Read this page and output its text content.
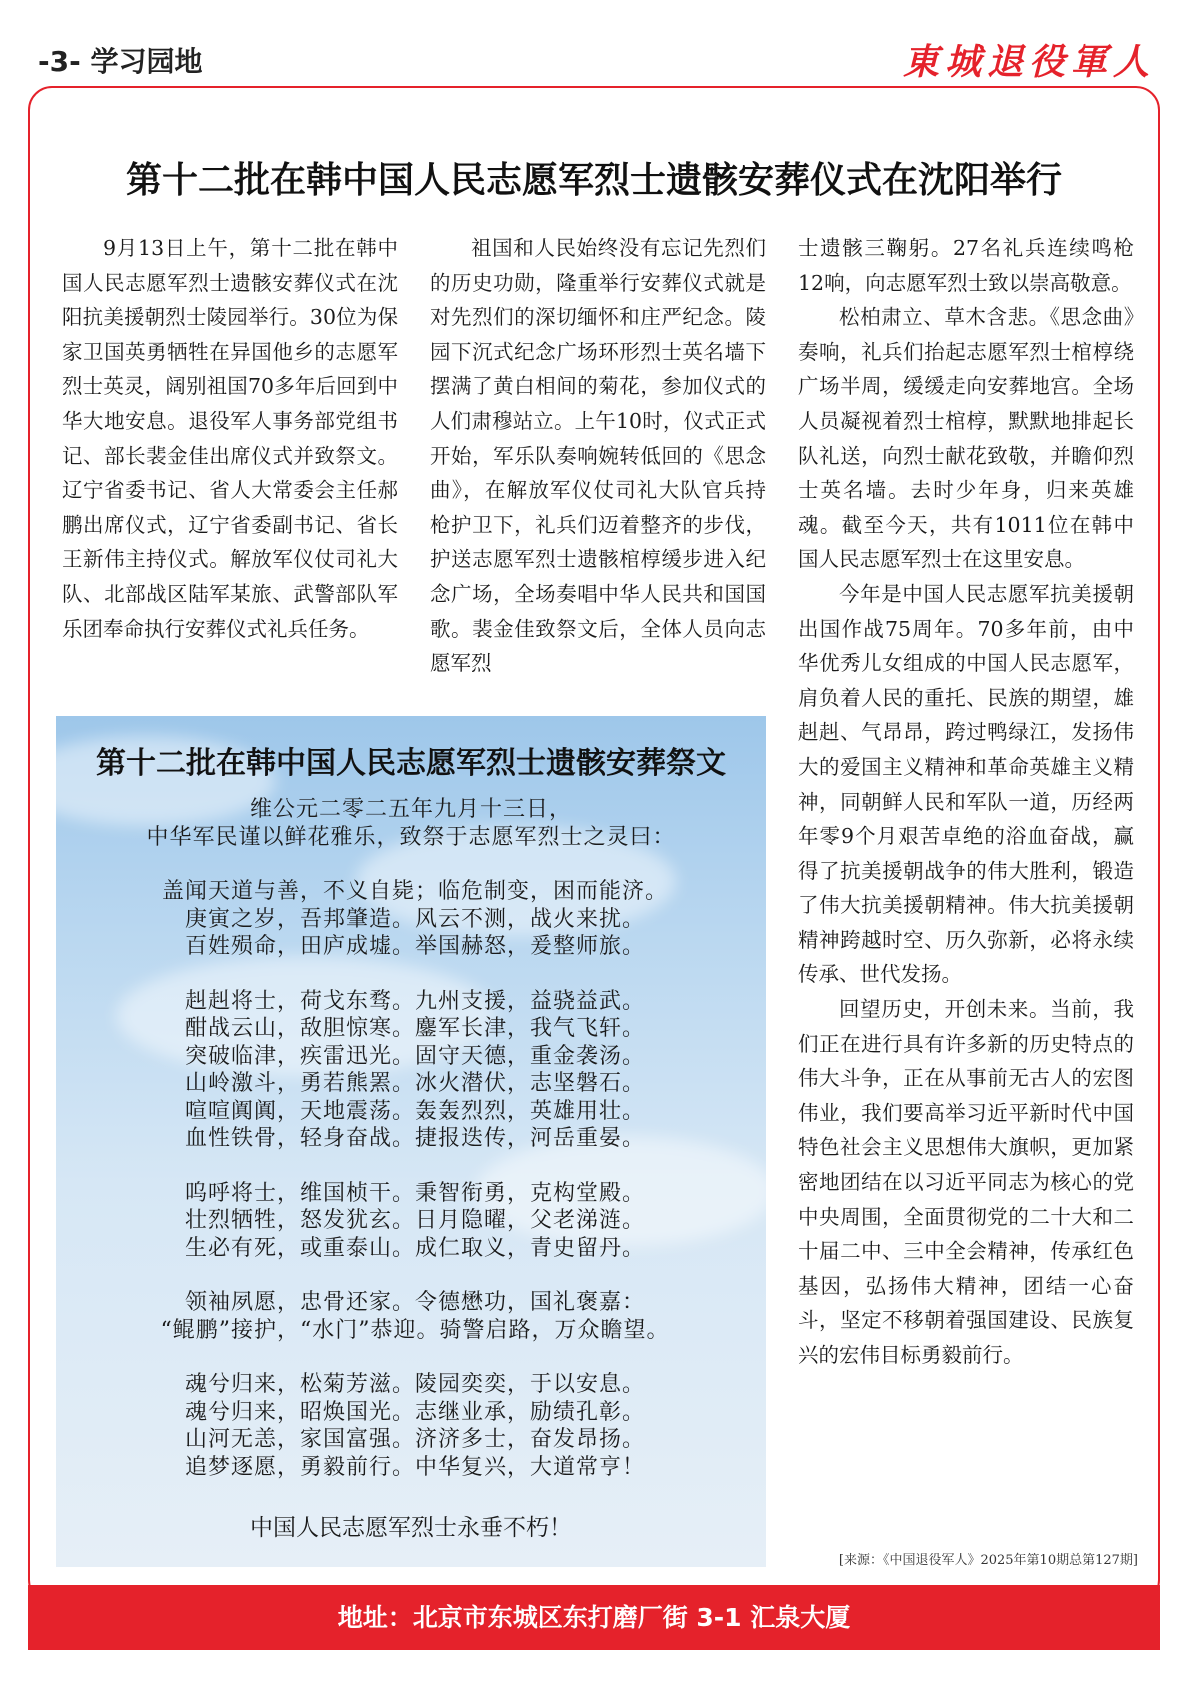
-3- 学习园地	東城退役軍人
第十二批在韩中国人民志愿军烈士遗骸安葬仪式在沈阳举行

9月13日上午，第十二批在韩中国人民志愿军烈士遗骸安葬仪式在沈阳抗美援朝烈士陵园举行。30位为保家卫国英勇牺牲在异国他乡的志愿军烈士英灵，阔别祖国70多年后回到中华大地安息。退役军人事务部党组书记、部长裴金佳出席仪式并致祭文。辽宁省委书记、省人大常委会主任郝鹏出席仪式，辽宁省委副书记、省长王新伟主持仪式。解放军仪仗司礼大队、北部战区陆军某旅、武警部队军乐团奉命执行安葬仪式礼兵任务。

祖国和人民始终没有忘记先烈们的历史功勋，隆重举行安葬仪式就是对先烈们的深切缅怀和庄严纪念。陵园下沉式纪念广场环形烈士英名墙下摆满了黄白相间的菊花，参加仪式的人们肃穆站立。上午10时，仪式正式开始，军乐队奏响婉转低回的《思念曲》，在解放军仪仗司礼大队官兵持枪护卫下，礼兵们迈着整齐的步伐，护送志愿军烈士遗骸棺椁缓步进入纪念广场，全场奏唱中华人民共和国国歌。裴金佳致祭文后，全体人员向志愿军烈

士遗骸三鞠躬。27名礼兵连续鸣枪12响，向志愿军烈士致以崇高敬意。

松柏肃立、草木含悲。《思念曲》奏响，礼兵们抬起志愿军烈士棺椁绕广场半周，缓缓走向安葬地宫。全场人员凝视着烈士棺椁，默默地排起长队礼送，向烈士献花致敬，并瞻仰烈士英名墙。去时少年身，归来英雄魂。截至今天，共有1011位在韩中国人民志愿军烈士在这里安息。

今年是中国人民志愿军抗美援朝出国作战75周年。70多年前，由中华优秀儿女组成的中国人民志愿军，肩负着人民的重托、民族的期望，雄赳赳、气昂昂，跨过鸭绿江，发扬伟大的爱国主义精神和革命英雄主义精神，同朝鲜人民和军队一道，历经两年零9个月艰苦卓绝的浴血奋战，赢得了抗美援朝战争的伟大胜利，锻造了伟大抗美援朝精神。伟大抗美援朝精神跨越时空、历久弥新，必将永续传承、世代发扬。

回望历史，开创未来。当前，我们正在进行具有许多新的历史特点的伟大斗争，正在从事前无古人的宏图伟业，我们要高举习近平新时代中国特色社会主义思想伟大旗帜，更加紧密地团结在以习近平同志为核心的党中央周围，全面贯彻党的二十大和二十届二中、三中全会精神，传承红色基因，弘扬伟大精神，团结一心奋斗，坚定不移朝着强国建设、民族复兴的宏伟目标勇毅前行。

第十二批在韩中国人民志愿军烈士遗骸安葬祭文
维公元二零二五年九月十三日，
中华军民谨以鲜花雅乐，致祭于志愿军烈士之灵曰：
盖闻天道与善，不义自毙；临危制变，困而能济。
庚寅之岁，吾邦肇造。风云不测，战火来扰。
百姓殒命，田庐成墟。举国赫怒，爰整师旅。
赳赳将士，荷戈东骛。九州支援，益骁益武。
酣战云山，敌胆惊寒。鏖军长津，我气飞轩。
突破临津，疾雷迅光。固守天德，重金袭汤。
山岭激斗，勇若熊罴。冰火潜伏，志坚磐石。
喧喧阗阗，天地震荡。轰轰烈烈，英雄用壮。
血性铁骨，轻身奋战。捷报迭传，河岳重晏。
呜呼将士，维国桢干。秉智衔勇，克构堂殿。
壮烈牺牲，怒发犹玄。日月隐曜，父老涕涟。
生必有死，或重泰山。成仁取义，青史留丹。
领袖夙愿，忠骨还家。令德懋功，国礼褒嘉：
“鲲鹏”接护，“水门”恭迎。骑警启路，万众瞻望。
魂兮归来，松菊芳滋。陵园奕奕，于以安息。
魂兮归来，昭焕国光。志继业承，励绩孔彰。
山河无恙，家国富强。济济多士，奋发昂扬。
追梦逐愿，勇毅前行。中华复兴，大道常亨！
中国人民志愿军烈士永垂不朽！
[来源：《中国退役军人》2025年第10期总第127期]
地址：北京市东城区东打磨厂街 3-1 汇泉大厦
